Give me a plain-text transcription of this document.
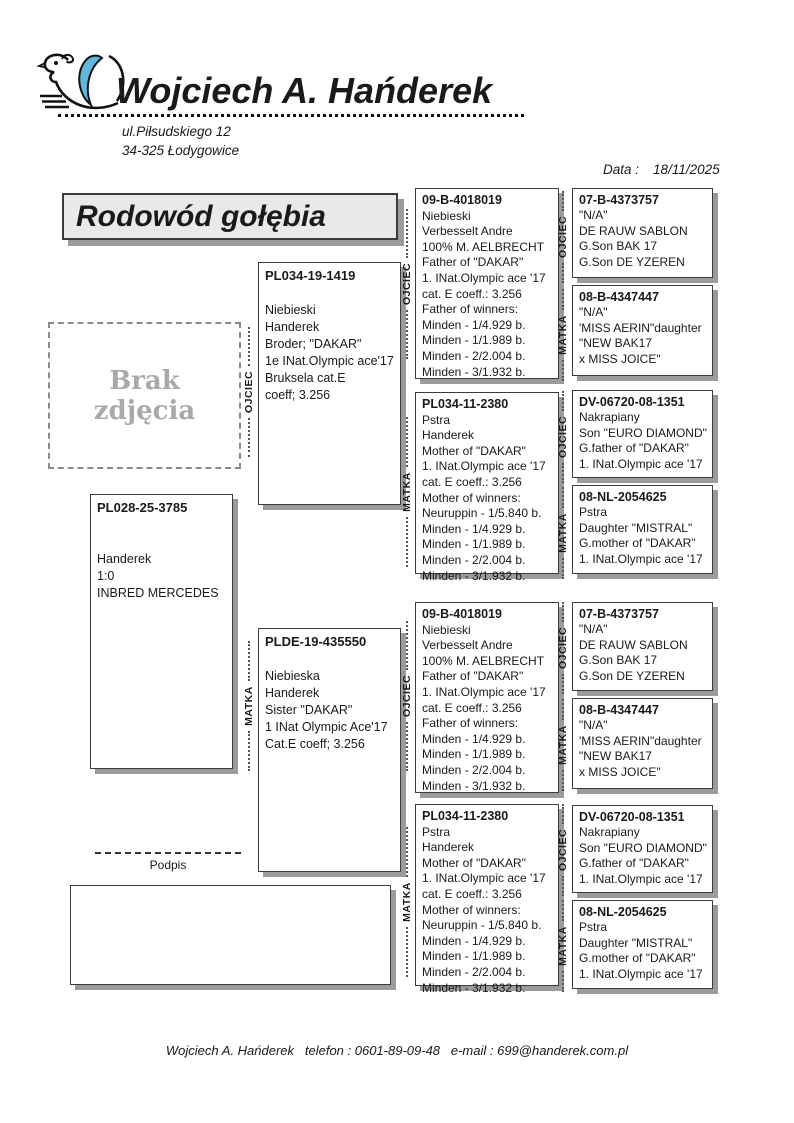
Wojciech A. Hańderek
ul.Piłsudskiego 12
34-325 Łodygowice

Data : 18/11/2025

Rodowód gołębia
Brak zdjęcia
PL028-25-3785

Handerek
1:0
INBRED MERCEDES
PL034-19-1419

Niebieski
Handerek
Broder; "DAKAR"
1e INat.Olympic ace'17
Bruksela cat.E
coeff; 3.256
PLDE-19-435550

Niebieska
Handerek
Sister "DAKAR"
1 INat Olympic Ace'17
Cat.E coeff; 3.256
09-B-4018019
Niebieski
Verbesselt Andre
100% M. AELBRECHT
Father of "DAKAR"
1. INat.Olympic ace '17
cat. E coeff.: 3.256
Father of winners:
Minden - 1/4.929 b.
Minden - 1/1.989 b.
Minden - 2/2.004 b.
Minden - 3/1.932 b.
PL034-11-2380
Pstra
Handerek
Mother of "DAKAR"
1. INat.Olympic ace '17
cat. E coeff.: 3.256
Mother of winners:
Neuruppin - 1/5.840 b.
Minden - 1/4.929 b.
Minden - 1/1.989 b.
Minden - 2/2.004 b.
Minden - 3/1.932 b.
09-B-4018019
Niebieski
Verbesselt Andre
100% M. AELBRECHT
Father of "DAKAR"
1. INat.Olympic ace '17
cat. E coeff.: 3.256
Father of winners:
Minden - 1/4.929 b.
Minden - 1/1.989 b.
Minden - 2/2.004 b.
Minden - 3/1.932 b.
PL034-11-2380
Pstra
Handerek
Mother of "DAKAR"
1. INat.Olympic ace '17
cat. E coeff.: 3.256
Mother of winners:
Neuruppin - 1/5.840 b.
Minden - 1/4.929 b.
Minden - 1/1.989 b.
Minden - 2/2.004 b.
Minden - 3/1.932 b.
07-B-4373757
"N/A"
DE RAUW SABLON
G.Son BAK 17
G.Son DE YZEREN
08-B-4347447
"N/A"
'MISS AERIN"daughter
"NEW BAK17
x MISS JOICE"
DV-06720-08-1351
Nakrapiany
Son "EURO DIAMOND"
G.father of "DAKAR"
1. INat.Olympic ace '17
08-NL-2054625
Pstra
Daughter "MISTRAL"
G.mother of "DAKAR"
1. INat.Olympic ace '17
07-B-4373757
"N/A"
DE RAUW SABLON
G.Son BAK 17
G.Son DE YZEREN
08-B-4347447
"N/A"
'MISS AERIN"daughter
"NEW BAK17
x MISS JOICE"
DV-06720-08-1351
Nakrapiany
Son "EURO DIAMOND"
G.father of "DAKAR"
1. INat.Olympic ace '17
08-NL-2054625
Pstra
Daughter "MISTRAL"
G.mother of "DAKAR"
1. INat.Olympic ace '17
OJCIEC
MATKA
OJCIEC
MATKA
OJCIEC
MATKA
OJCIEC
MATKA
OJCIEC
MATKA
OJCIEC
MATKA
OJCIEC
MATKA
Podpis
Wojciech A. Hańderek   telefon : 0601-89-09-48   e-mail : 699@handerek.com.pl
